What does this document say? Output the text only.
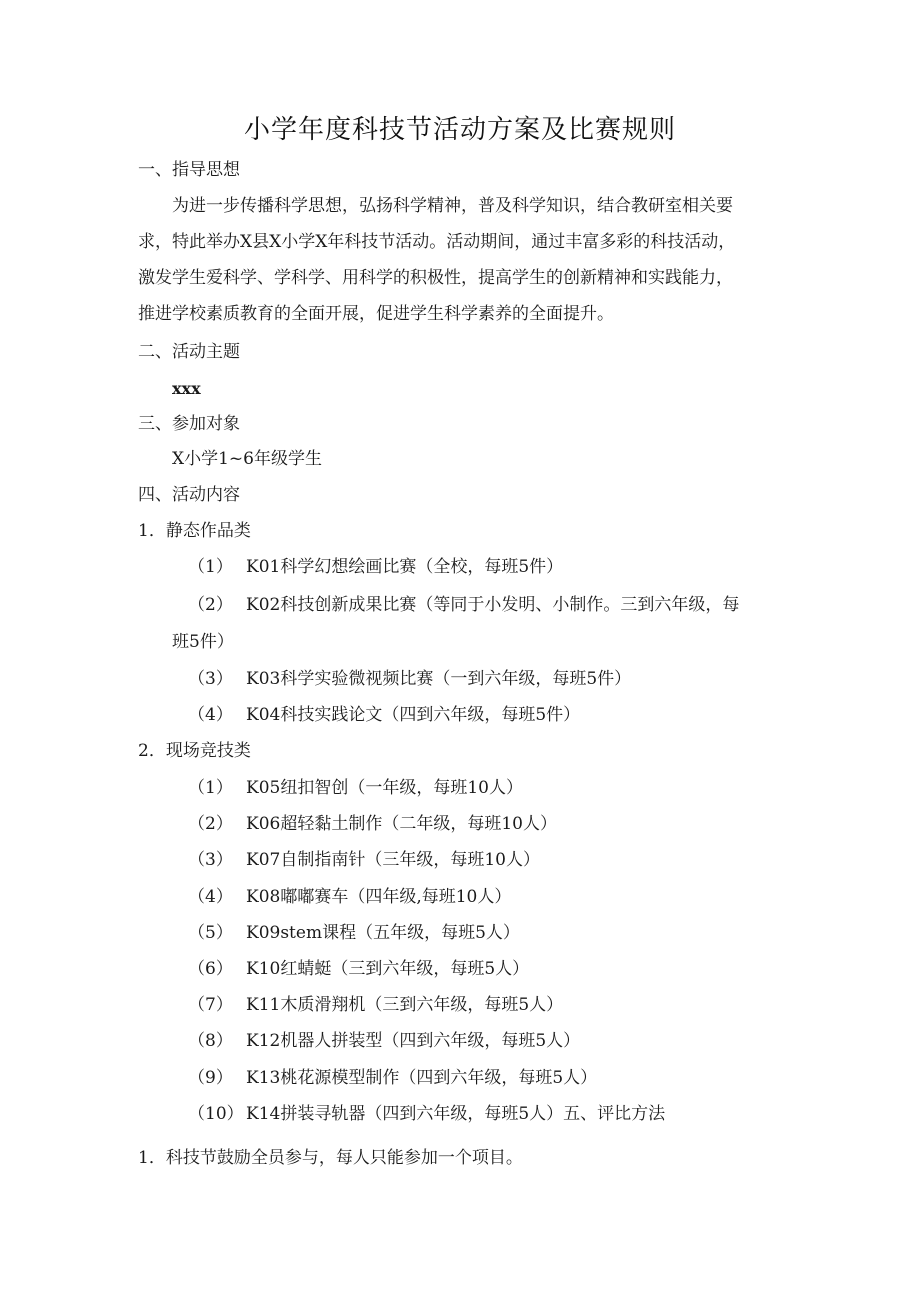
小学年度科技节活动方案及比赛规则
一、指导思想
为进一步传播科学思想，弘扬科学精神，普及科学知识，结合教研室相关要
求，特此举办X县X小学X年科技节活动。活动期间，通过丰富多彩的科技活动，
激发学生爱科学、学科学、用科学的积极性，提高学生的创新精神和实践能力，
推进学校素质教育的全面开展，促进学生科学素养的全面提升。
二、活动主题
xxx
三、参加对象
X小学1~6年级学生
四、活动内容
1．静态作品类
（1） K01科学幻想绘画比赛（全校，每班5件）
（2） K02科技创新成果比赛（等同于小发明、小制作。三到六年级，每
班5件）
（3） K03科学实验微视频比赛（一到六年级，每班5件）
（4） K04科技实践论文（四到六年级，每班5件）
2．现场竞技类
（1） K05纽扣智创（一年级，每班10人）
（2） K06超轻黏土制作（二年级，每班10人）
（3） K07自制指南针（三年级，每班10人）
（4） K08嘟嘟赛车（四年级,每班10人）
（5） K09stem课程（五年级，每班5人）
（6） K10红蜻蜓（三到六年级，每班5人）
（7） K11木质滑翔机（三到六年级，每班5人）
（8） K12机器人拼装型（四到六年级，每班5人）
（9） K13桃花源模型制作（四到六年级，每班5人）
（10） K14拼装寻轨器（四到六年级，每班5人）五、评比方法
1．科技节鼓励全员参与，每人只能参加一个项目。
